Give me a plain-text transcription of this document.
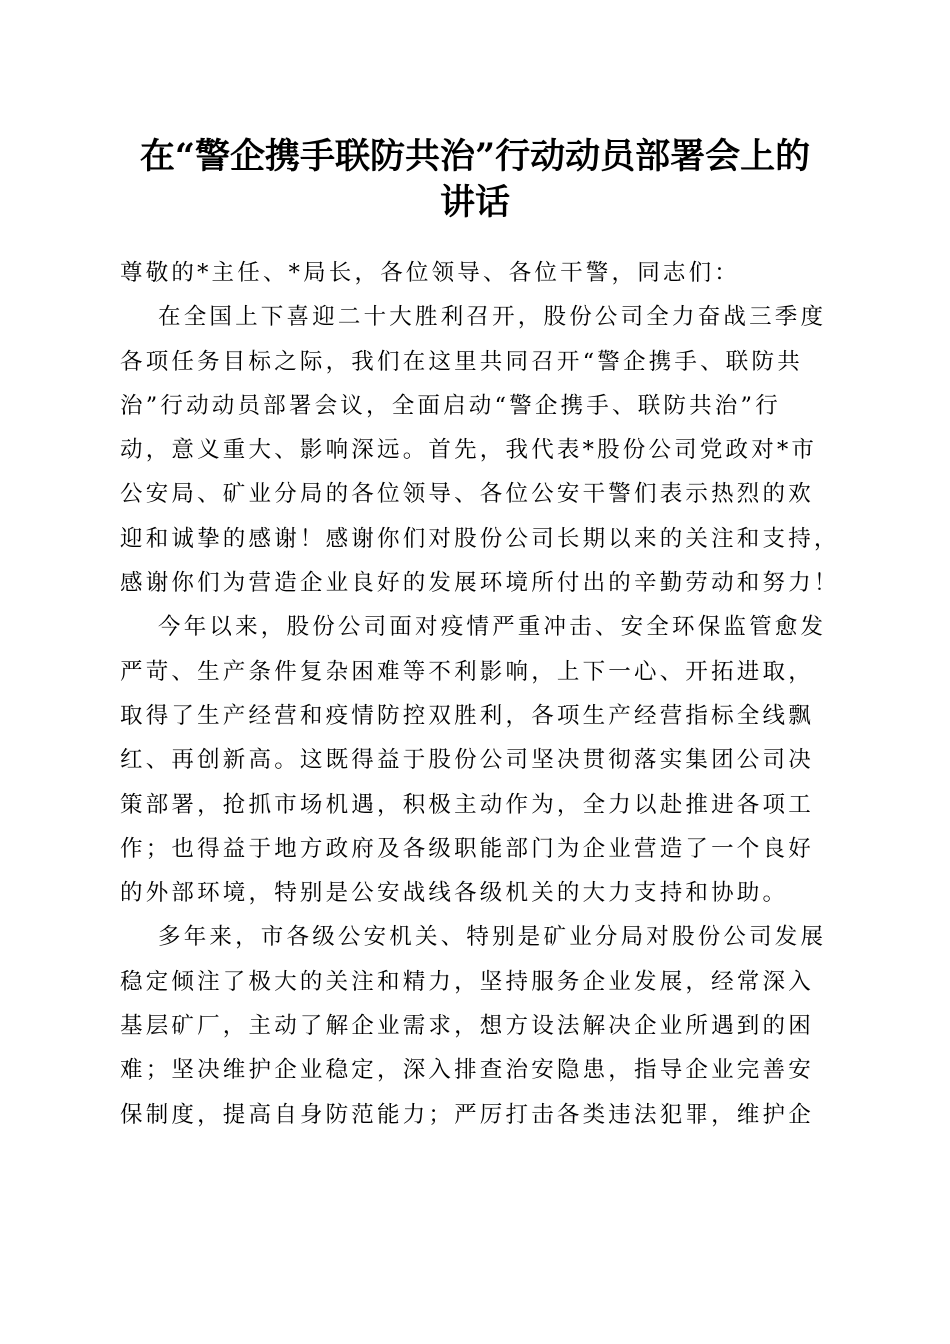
在“警企携手联防共治”行动动员部署会上的
讲话
尊敬的*主任、*局长，各位领导、各位干警，同志们：
在全国上下喜迎二十大胜利召开，股份公司全力奋战三季度
各项任务目标之际，我们在这里共同召开“警企携手、联防共
治”行动动员部署会议，全面启动“警企携手、联防共治”行
动，意义重大、影响深远。首先，我代表*股份公司党政对*市
公安局、矿业分局的各位领导、各位公安干警们表示热烈的欢
迎和诚挚的感谢！感谢你们对股份公司长期以来的关注和支持，
感谢你们为营造企业良好的发展环境所付出的辛勤劳动和努力！
今年以来，股份公司面对疫情严重冲击、安全环保监管愈发
严苛、生产条件复杂困难等不利影响，上下一心、开拓进取，
取得了生产经营和疫情防控双胜利，各项生产经营指标全线飘
红、再创新高。这既得益于股份公司坚决贯彻落实集团公司决
策部署，抢抓市场机遇，积极主动作为，全力以赴推进各项工
作；也得益于地方政府及各级职能部门为企业营造了一个良好
的外部环境，特别是公安战线各级机关的大力支持和协助。
多年来，市各级公安机关、特别是矿业分局对股份公司发展
稳定倾注了极大的关注和精力，坚持服务企业发展，经常深入
基层矿厂，主动了解企业需求，想方设法解决企业所遇到的困
难；坚决维护企业稳定，深入排查治安隐患，指导企业完善安
保制度，提高自身防范能力；严厉打击各类违法犯罪，维护企
